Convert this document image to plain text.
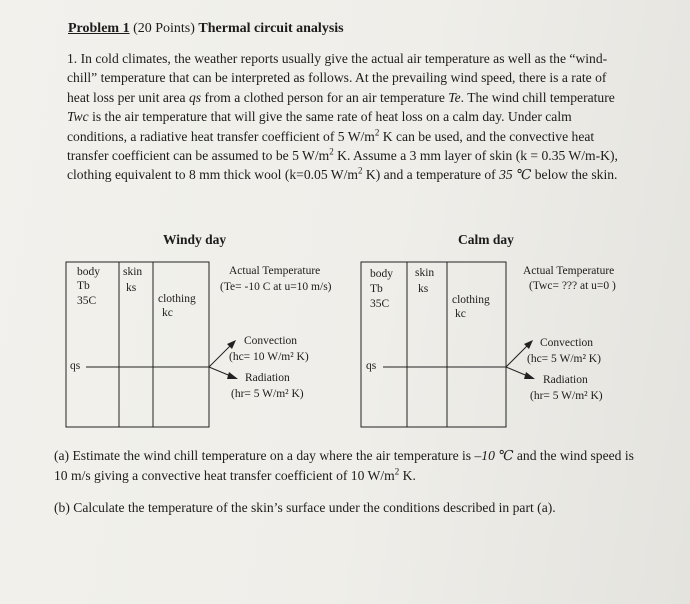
Problem 1 (20 Points) Thermal circuit analysis

1. In cold climates, the weather reports usually give the actual air temperature as well as the “wind-chill” temperature that can be interpreted as follows. At the prevailing wind speed, there is a rate of heat loss per unit area qs from a clothed person for an air temperature Te. The wind chill temperature Twc is the air temperature that will give the same rate of heat loss on a calm day. Under calm conditions, a radiative heat transfer coefficient of 5 $W/m^2$ K can be used, and the convective heat transfer coefficient can be assumed to be 5 $W/m^2$ K. Assume a 3 mm layer of skin (k = 0.35 W/m-K), clothing equivalent to 8 mm thick wool (k=0.05 $W/m^2$ K) and a temperature of 35 ℃ below the skin.

Windy day
body
Tb
35C
skin
ks
clothing
kc
Actual Temperature
(Te= -10 C at u=10 m/s)
Convection
(hc= 10 W/m² K)
Radiation
(hr= 5 W/m² K)
qs
Calm day
body
Tb
35C
skin
ks
clothing
kc
Actual Temperature
(Twc= ??? at u=0 )
Convection
(hc= 5 W/m² K)
Radiation
(hr= 5 W/m² K)
qs
(a) Estimate the wind chill temperature on a day where the air temperature is –10 ℃ and the wind speed is 10 m/s giving a convective heat transfer coefficient of 10 $W/m^2$ K.
(b) Calculate the temperature of the skin’s surface under the conditions described in part (a).
